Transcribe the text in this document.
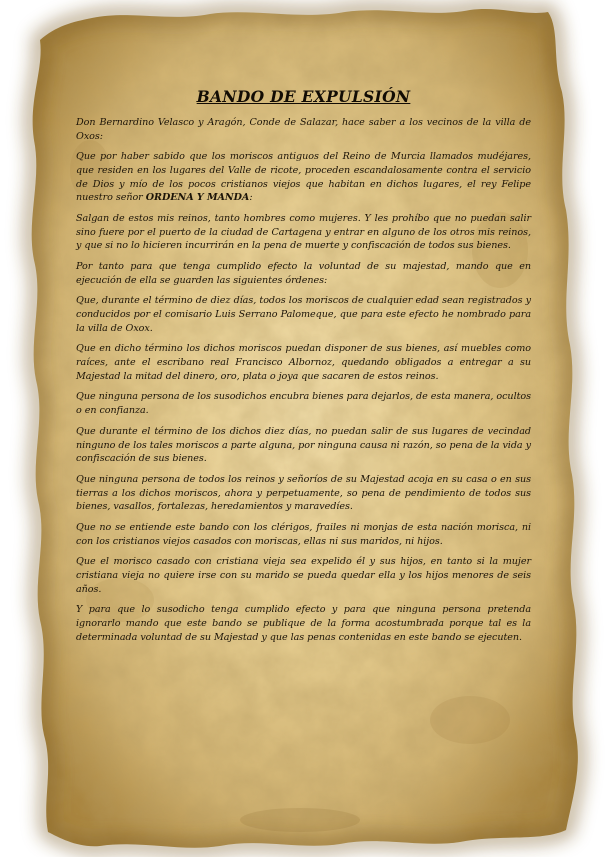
BANDO DE EXPULSIÓN

Don Bernardino Velasco y Aragón, Conde de Salazar, hace saber a los vecinos de la villa de Oxos:

Que por haber sabido que los moriscos antiguos del Reino de Murcia llamados mudéjares, que residen en los lugares del Valle de ricote, proceden escandalosamente contra el servicio de Dios y mío de los pocos cristianos viejos que habitan en dichos lugares, el rey Felipe nuestro señor ORDENA Y MANDA:

Salgan de estos mis reinos, tanto hombres como mujeres. Y les prohíbo que no puedan salir sino fuere por el puerto de la ciudad de Cartagena y entrar en alguno de los otros mis reinos, y que si no lo hicieren incurrirán en la pena de muerte y confiscación de todos sus bienes.

Por tanto para que tenga cumplido efecto la voluntad de su majestad, mando que en ejecución de ella se guarden las siguientes órdenes:

Que, durante el término de diez días, todos los moriscos de cualquier edad sean registrados y conducidos por el comisario Luis Serrano Palomeque, que para este efecto he nombrado para la villa de Oxox.

Que en dicho término los dichos moriscos puedan disponer de sus bienes, así muebles como raíces, ante el escribano real Francisco Albornoz, quedando obligados a entregar a su Majestad la mitad del dinero, oro, plata o joya que sacaren de estos reinos.

Que ninguna persona de los susodichos encubra bienes para dejarlos, de esta manera, ocultos o en confianza.

Que durante el término de los dichos diez días, no puedan salir de sus lugares de vecindad ninguno de los tales moriscos a parte alguna, por ninguna causa ni razón, so pena de la vida y confiscación de sus bienes.

Que ninguna persona de todos los reinos y señoríos de su Majestad acoja en su casa o en sus tierras a los dichos moriscos, ahora y perpetuamente, so pena de pendimiento de todos sus bienes, vasallos, fortalezas, heredamientos y maravedíes.

Que no se entiende este bando con los clérigos, frailes ni monjas de esta nación morisca, ni con los cristianos viejos casados con moriscas, ellas ni sus maridos, ni hijos.

Que el morisco casado con cristiana vieja sea expelido él y sus hijos, en tanto si la mujer cristiana vieja no quiere irse con su marido se pueda quedar ella y los hijos menores de seis años.

Y para que lo susodicho tenga cumplido efecto y para que ninguna persona pretenda ignorarlo mando que este bando se publique de la forma acostumbrada porque tal es la determinada voluntad de su Majestad y que las penas contenidas en este bando se ejecuten.
